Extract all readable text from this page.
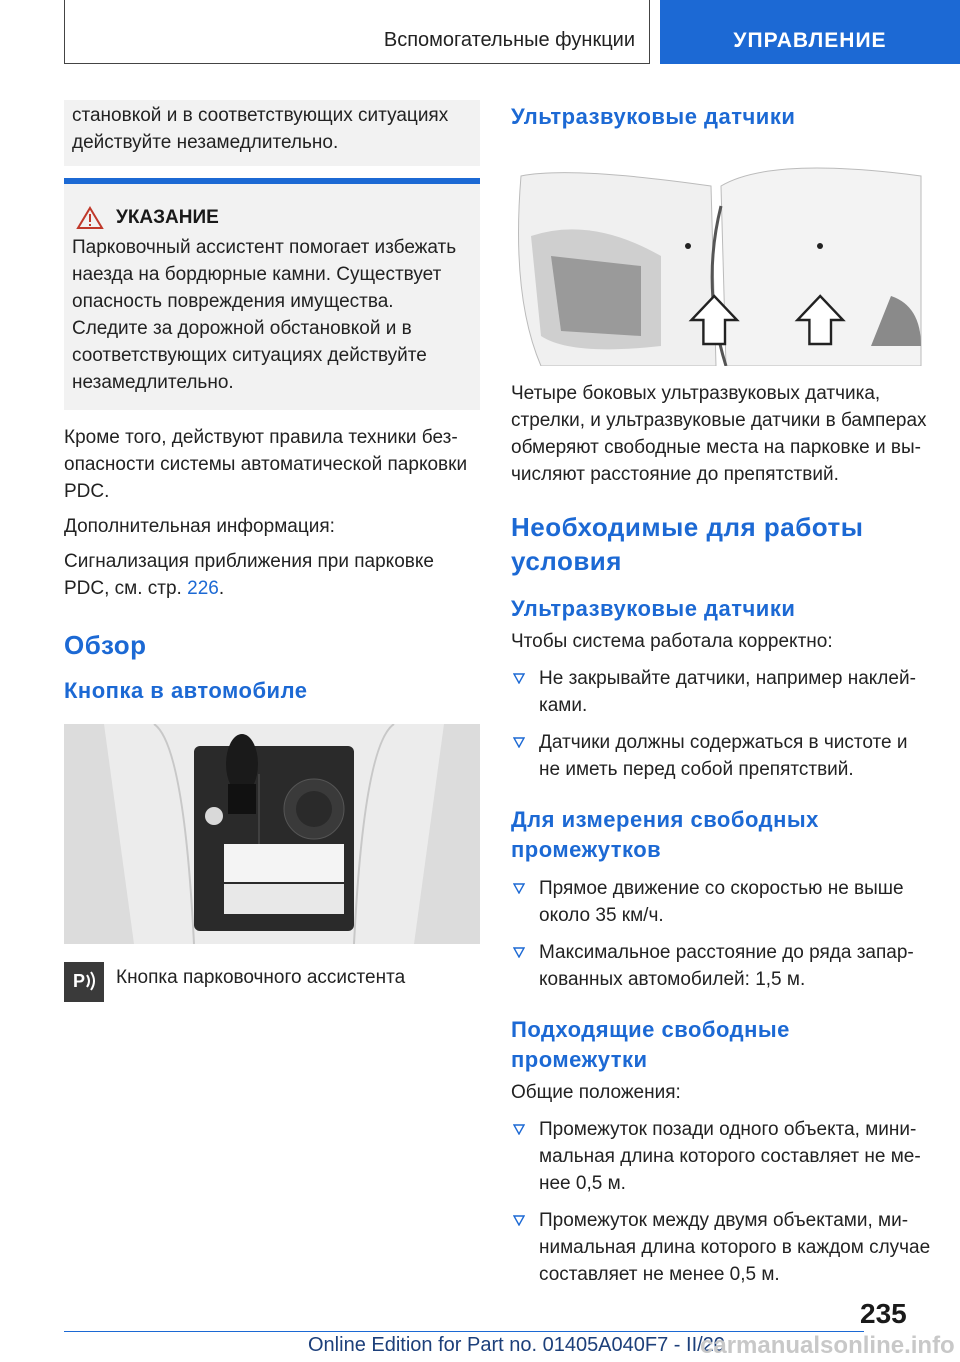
Вспомогательные функции	УПРАВЛЕНИЕ

становкой и в соответствующих ситуациях действуйте незамедлительно.

УКАЗАНИЕ

Парковочный ассистент помогает избежать наезда на бордюрные камни. Существует опасность повреждения имущества. Следите за дорожной обстановкой и в соответствующих ситуациях действуйте незамедлительно.

Кроме того, действуют правила техники безопасности системы автоматической парковки PDC.

Дополнительная информация:

Сигнализация приближения при парковке PDC, см. стр. 226.

Обзор
Кнопка в автомобиле
P Кнопка парковочного ассистента

Ультразвуковые датчики

Четыре боковых ультразвуковых датчика, стрелки, и ультразвуковые датчики в бамперах обмеряют свободные места на парковке и вычисляют расстояние до препятствий.

Необходимые для работы условия
Ультразвуковые датчики

Чтобы система работала корректно:

Не закрывайте датчики, например наклейками.
Датчики должны содержаться в чистоте и не иметь перед собой препятствий.
Для измерения свободных промежутков
Прямое движение со скоростью не выше около 35 км/ч.
Максимальное расстояние до ряда запаркованных автомобилей: 1,5 м.
Подходящие свободные промежутки

Общие положения:

Промежуток позади одного объекта, минимальная длина которого составляет не менее 0,5 м.
Промежуток между двумя объектами, минимальная длина которого в каждом случае составляет не менее 0,5 м.
235
Online Edition for Part no. 01405A040F7 - II/20
carmanualsonline.info
